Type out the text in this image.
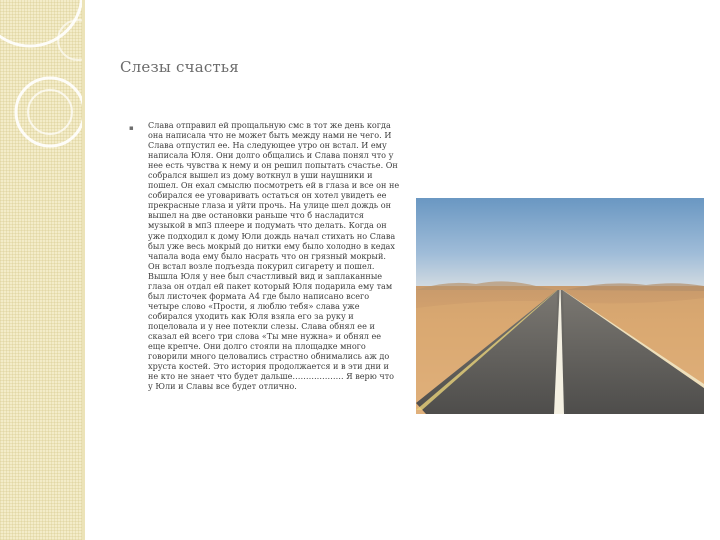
Слезы счастья
▪ Слава отправил ей прощальную смс в тот же день когда она написала что не может быть между нами не чего. И Слава отпустил ее. На следующее утро он встал. И ему написала Юля. Они долго общались и Слава понял что у нее есть чувства к нему и он решил попытать счастье. Он собрался вышел из дому воткнул в уши наушники и пошел. Он ехал смыслю посмотреть ей в глаза и все он не собирался ее уговаривать остаться он хотел увидеть ее прекрасные глаза и уйти прочь. На улице шел дождь он вышел на две остановки раньше что б насладится музыкой в мп3 плеере и подумать что делать. Когда он уже подходил к дому Юли дождь начал стихать но Слава был уже весь мокрый до нитки ему было холодно в кедах чапала вода ему было насрать что он грязный мокрый. Он встал возле подъезда покурил сигарету и пошел. Вышла Юля у нее был счастливый вид и заплаканные глаза он отдал ей пакет который Юля подарила ему там был листочек формата А4 где было написано всего четыре слово «Прости, я люблю тебя» слава уже собирался уходить как Юля взяла его за руку и поцеловала и у нее потекли слезы. Слава обнял ее и сказал ей всего три слова «Ты мне нужна» и обнял ее еще крепче. Они долго стояли на площадке много говорили много целовались страстно обнимались аж до хруста костей. Это история продолжается и в эти дни и не кто не знает что будет дальше………………. Я верю что у Юли и Славы все будет отлично.
